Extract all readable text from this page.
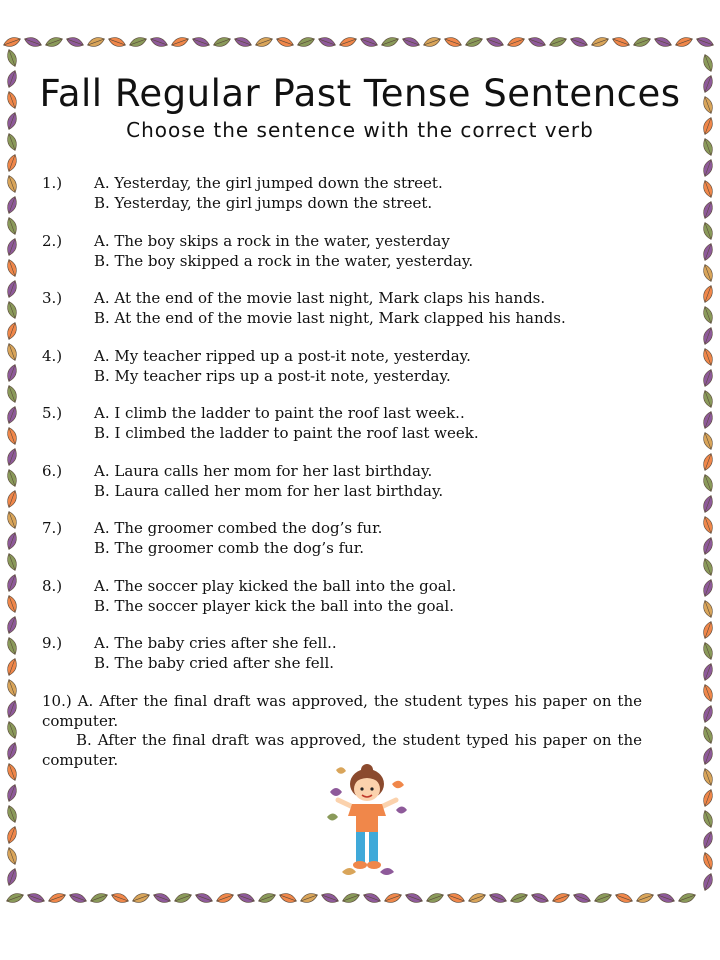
Fall Regular Past Tense Sentences
Choose the sentence with the correct verb
1.) A. Yesterday, the girl jumped down the street.
B. Yesterday, the girl jumps down the street.
2.) A. The boy skips a rock in the water, yesterday
B. The boy skipped a rock in the water, yesterday.
3.) A. At the end of the movie last night, Mark claps his hands.
B. At the end of the movie last night, Mark clapped his hands.
4.) A. My teacher ripped up a post-it note, yesterday.
B. My teacher rips up a post-it note, yesterday.
5.) A. I climb the ladder to paint the roof last week..
B. I climbed the ladder to paint the roof last week.
6.) A. Laura calls her mom for her last birthday.
B. Laura called her mom for her last birthday.
7.) A. The groomer combed the dog’s fur.
B. The groomer comb the dog’s fur.
8.) A. The soccer play kicked the ball into the goal.
B. The soccer player kick the ball into the goal.
9.) A. The baby cries after she fell..
B. The baby cried after she fell.
10.) A. After the final draft was approved, the student types his paper on the computer.
B. After the final draft was approved, the student typed his paper on the computer.
